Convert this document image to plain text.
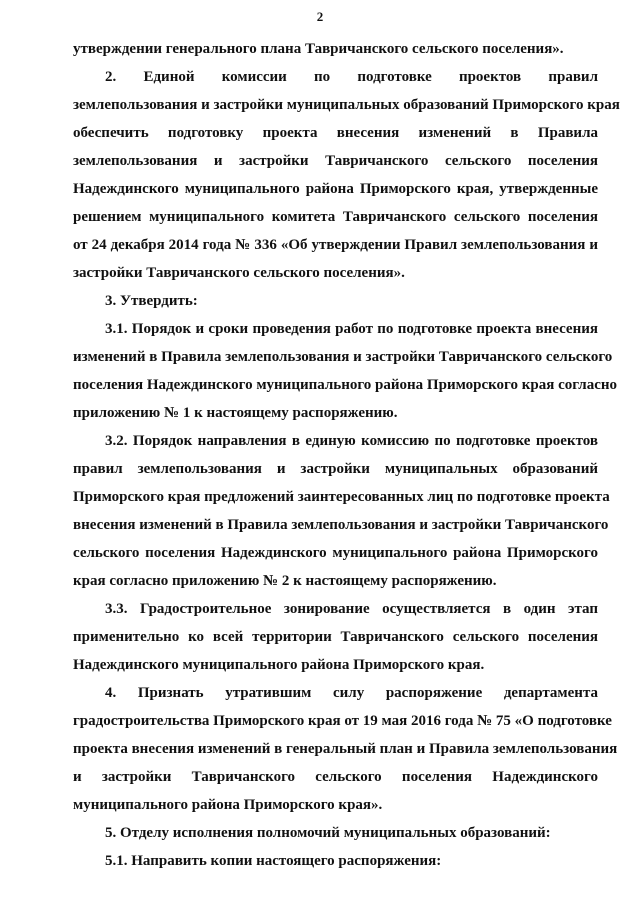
2
утверждении генерального плана Тавричанского сельского поселения».
2. Единой комиссии по подготовке проектов правил
землепользования и застройки муниципальных образований Приморского края
обеспечить подготовку проекта внесения изменений в Правила
землепользования и застройки Тавричанского сельского поселения
Надеждинского муниципального района Приморского края, утвержденные
решением муниципального комитета Тавричанского сельского поселения
от 24 декабря 2014 года № 336 «Об утверждении Правил землепользования и
застройки Тавричанского сельского поселения».
3. Утвердить:
3.1. Порядок и сроки проведения работ по подготовке проекта внесения
изменений в Правила землепользования и застройки Тавричанского сельского
поселения Надеждинского муниципального района Приморского края согласно
приложению № 1 к настоящему распоряжению.
3.2. Порядок направления в единую комиссию по подготовке проектов
правил землепользования и застройки муниципальных образований
Приморского края предложений заинтересованных лиц по подготовке проекта
внесения изменений в Правила землепользования и застройки Тавричанского
сельского поселения Надеждинского муниципального района Приморского
края согласно приложению № 2 к настоящему распоряжению.
3.3. Градостроительное зонирование осуществляется в один этап
применительно ко всей территории Тавричанского сельского поселения
Надеждинского муниципального района Приморского края.
4. Признать утратившим силу распоряжение департамента
градостроительства Приморского края от 19 мая 2016 года № 75 «О подготовке
проекта внесения изменений в генеральный план и Правила землепользования
и застройки Тавричанского сельского поселения Надеждинского
муниципального района Приморского края».
5. Отделу исполнения полномочий муниципальных образований:
5.1. Направить копии настоящего распоряжения:
